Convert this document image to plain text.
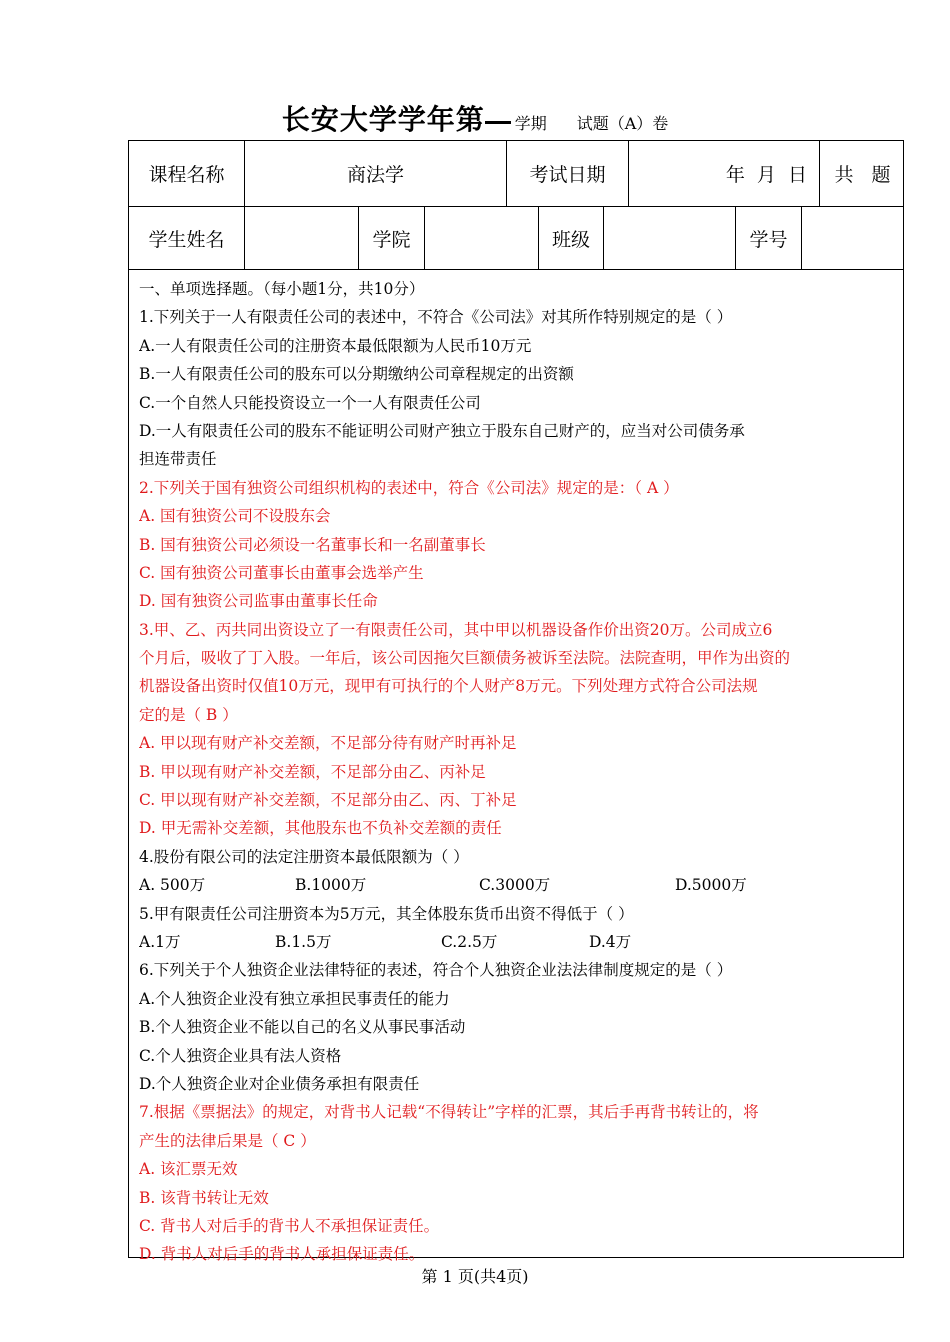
长安大学学年第 学期 试题（A）卷
课程名称	商法学	考试日期	年  月  日	共   题
学生姓名	学院	班级	学号
一、单项选择题。（每小题1分，共10分）
1.下列关于一人有限责任公司的表述中，不符合《公司法》对其所作特别规定的是（ ）
A.一人有限责任公司的注册资本最低限额为人民币10万元
B.一人有限责任公司的股东可以分期缴纳公司章程规定的出资额
C.一个自然人只能投资设立一个一人有限责任公司
D.一人有限责任公司的股东不能证明公司财产独立于股东自己财产的，应当对公司债务承
担连带责任
2.下列关于国有独资公司组织机构的表述中，符合《公司法》规定的是：（ A ）
A. 国有独资公司不设股东会
B. 国有独资公司必须设一名董事长和一名副董事长
C. 国有独资公司董事长由董事会选举产生
D. 国有独资公司监事由董事长任命
3.甲、乙、丙共同出资设立了一有限责任公司，其中甲以机器设备作价出资20万。公司成立6
个月后，吸收了丁入股。一年后，该公司因拖欠巨额债务被诉至法院。法院查明，甲作为出资的
机器设备出资时仅值10万元，现甲有可执行的个人财产8万元。下列处理方式符合公司法规
定的是（ B ）
A. 甲以现有财产补交差额，不足部分待有财产时再补足
B. 甲以现有财产补交差额，不足部分由乙、丙补足
C. 甲以现有财产补交差额，不足部分由乙、丙、丁补足
D. 甲无需补交差额，其他股东也不负补交差额的责任
4.股份有限公司的法定注册资本最低限额为（ ）
A. 500万	B.1000万	C.3000万	D.5000万
5.甲有限责任公司注册资本为5万元，其全体股东货币出资不得低于（ ）
A.1万	B.1.5万	C.2.5万	D.4万
6.下列关于个人独资企业法律特征的表述，符合个人独资企业法法律制度规定的是（ ）
A.个人独资企业没有独立承担民事责任的能力
B.个人独资企业不能以自己的名义从事民事活动
C.个人独资企业具有法人资格
D.个人独资企业对企业债务承担有限责任
7.根据《票据法》的规定，对背书人记载“不得转让”字样的汇票，其后手再背书转让的，将
产生的法律后果是（ C ）
A. 该汇票无效
B. 该背书转让无效
C. 背书人对后手的背书人不承担保证责任。
D. 背书人对后手的背书人承担保证责任。
第 1 页(共4页)
